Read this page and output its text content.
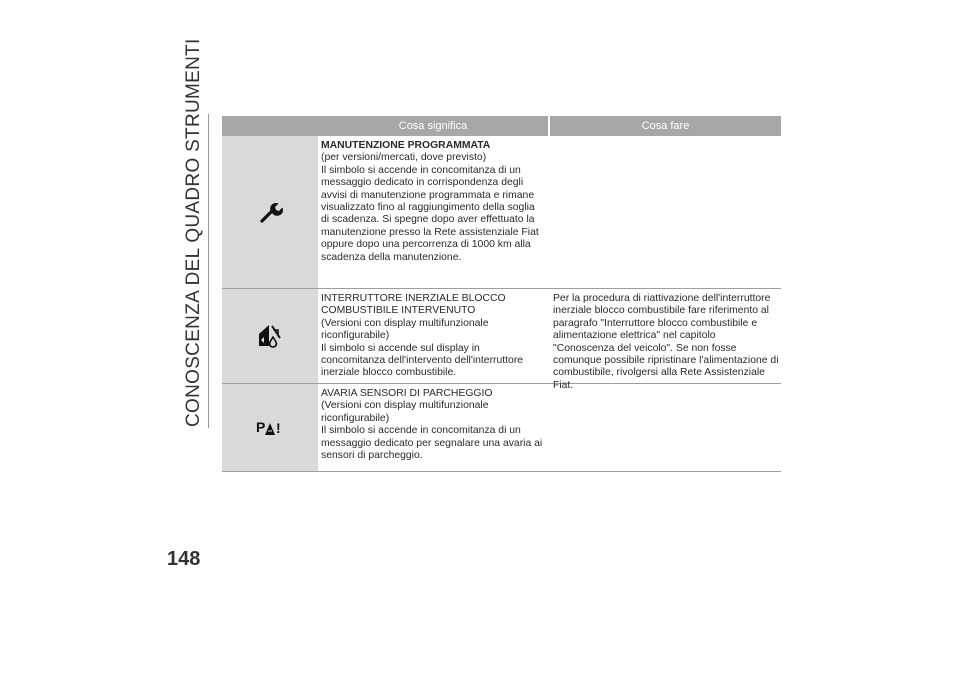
CONOSCENZA DEL QUADRO STRUMENTI	Cosa significa	Cosa fare
MANUTENZIONE PROGRAMMATA
(per versioni/mercati, dove previsto)
Il simbolo si accende in concomitanza di un messaggio dedicato in corrispondenza degli avvisi di manutenzione programmata e rimane visualizzato fino al raggiungimento della soglia di scadenza. Si spegne dopo aver effettuato la manutenzione presso la Rete assistenziale Fiat oppure dopo una percorrenza di 1000 km alla scadenza della manutenzione.
INTERRUTTORE INERZIALE BLOCCO COMBUSTIBILE INTERVENUTO
(Versioni con display multifunzionale riconfigurabile)
Il simbolo si accende sul display in concomitanza dell'intervento dell'interruttore inerziale blocco combustibile.
Per la procedura di riattivazione dell'interruttore inerziale blocco combustibile fare riferimento al paragrafo "Interruttore blocco combustibile e alimentazione elettrica" nel capitolo "Conoscenza del veicolo". Se non fosse comunque possibile ripristinare l'alimentazione di combustibile, rivolgersi alla Rete Assistenziale Fiat.
P !
AVARIA SENSORI DI PARCHEGGIO
(Versioni con display multifunzionale riconfigurabile)
Il simbolo si accende in concomitanza di un messaggio dedicato per segnalare una avaria ai sensori di parcheggio.
148
